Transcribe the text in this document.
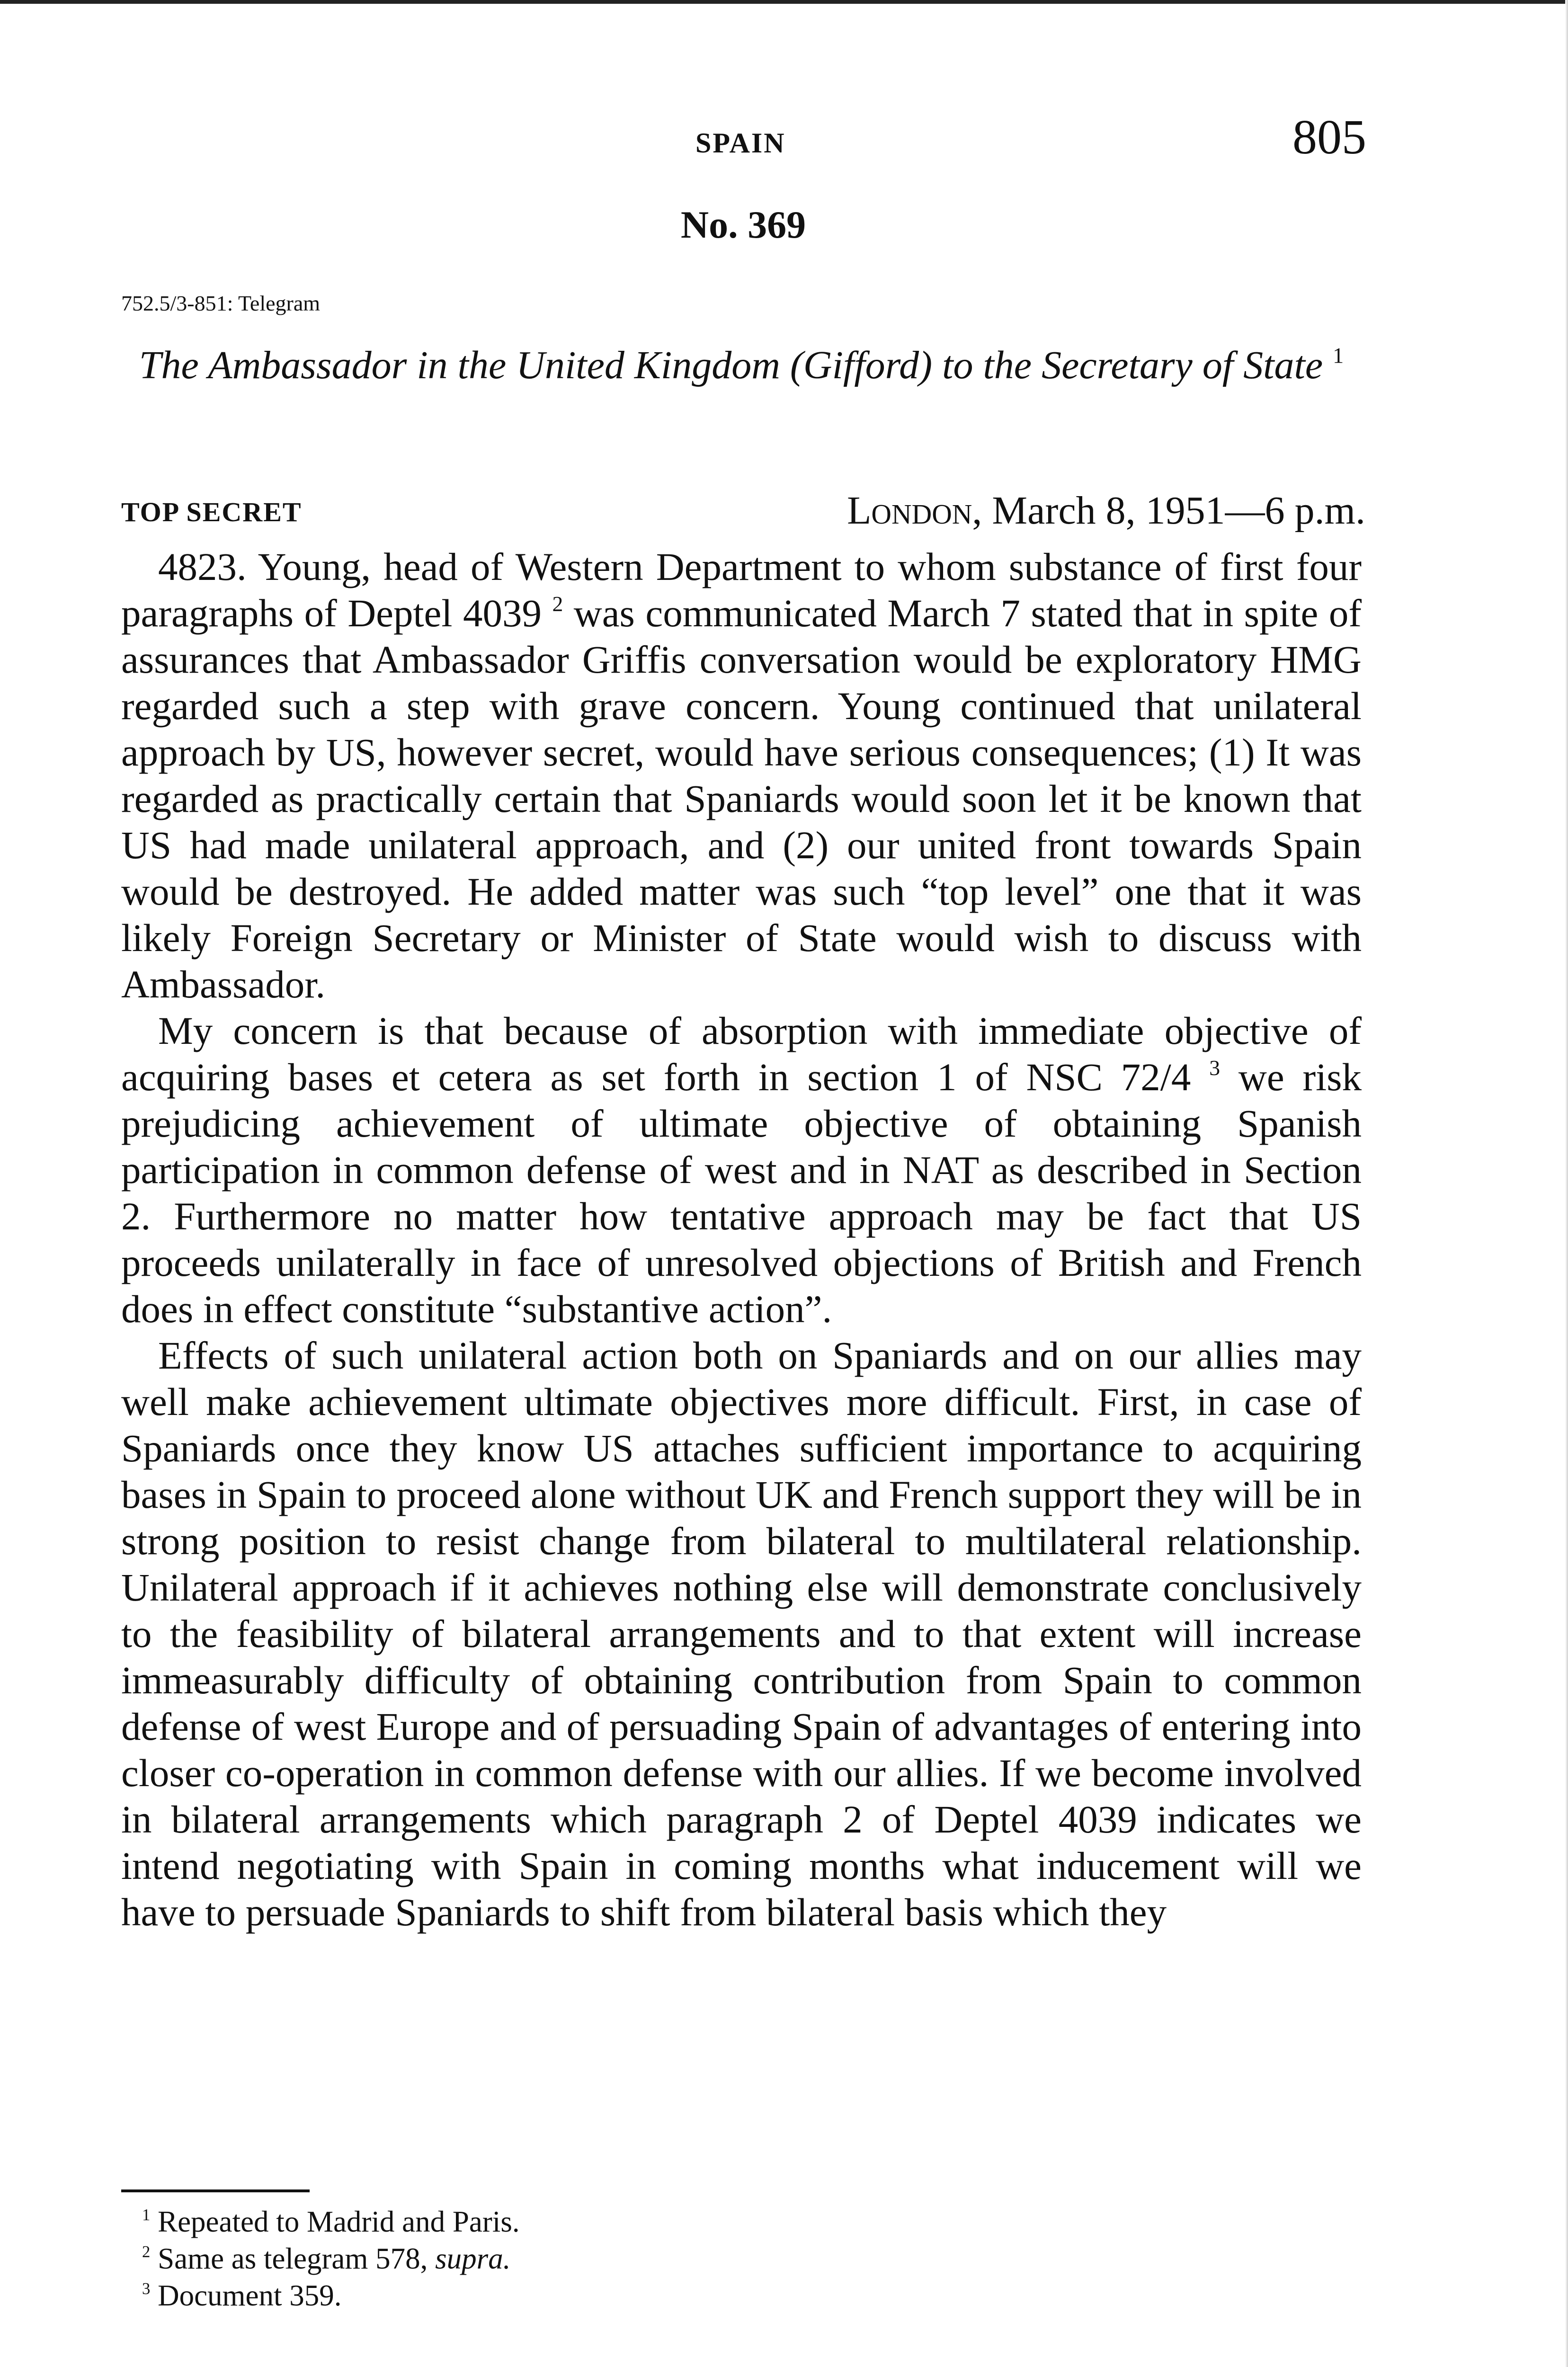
SPAIN	805
No. 369
752.5/3-851: Telegram
The Ambassador in the United Kingdom (Gifford) to the Secretary of State $^1$
TOP SECRET	London, March 8, 1951—6 p.m.

4823. Young, head of Western Department to whom substance of first four paragraphs of Deptel 4039 $^2$ was communicated March 7 stated that in spite of assurances that Ambassador Griffis conversation would be exploratory HMG regarded such a step with grave concern. Young continued that unilateral approach by US, however secret, would have serious consequences; (1) It was regarded as practically certain that Spaniards would soon let it be known that US had made unilateral approach, and (2) our united front towards Spain would be destroyed. He added matter was such “top level” one that it was likely Foreign Secretary or Minister of State would wish to discuss with Ambassador.

My concern is that because of absorption with immediate objective of acquiring bases et cetera as set forth in section 1 of NSC 72/4 $^3$ we risk prejudicing achievement of ultimate objective of obtaining Spanish participation in common defense of west and in NAT as described in Section 2. Furthermore no matter how tentative approach may be fact that US proceeds unilaterally in face of unresolved objections of British and French does in effect constitute “substantive action”.

Effects of such unilateral action both on Spaniards and on our allies may well make achievement ultimate objectives more difficult. First, in case of Spaniards once they know US attaches sufficient importance to acquiring bases in Spain to proceed alone without UK and French support they will be in strong position to resist change from bilateral to multilateral relationship. Unilateral approach if it achieves nothing else will demonstrate conclusively to the feasibility of bilateral arrangements and to that extent will increase immeasurably difficulty of obtaining contribution from Spain to common defense of west Europe and of persuading Spain of advantages of entering into closer co-operation in common defense with our allies. If we become involved in bilateral arrangements which paragraph 2 of Deptel 4039 indicates we intend negotiating with Spain in coming months what inducement will we have to persuade Spaniards to shift from bilateral basis which they

$^1$ Repeated to Madrid and Paris.
$^2$ Same as telegram 578, supra.
$^3$ Document 359.
